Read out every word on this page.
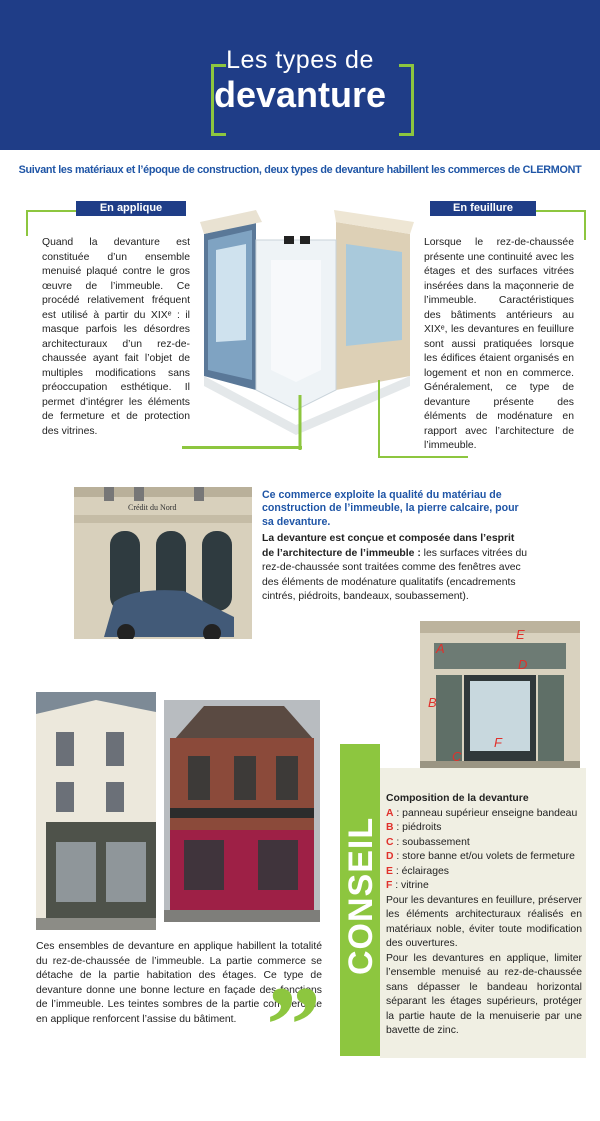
Les types de
devanture
Suivant les matériaux et l’époque de construction, deux types de devanture habillent les commerces de CLERMONT
En applique
Quand la devanture est constituée d’un ensemble menuisé plaqué contre le gros œuvre de l’immeuble. Ce procédé relativement fréquent est utilisé à partir du XIXᵉ : il masque parfois les désordres architecturaux d’un rez-de-chaussée ayant fait l’objet de multiples modifications sans préoccupation esthétique. Il permet d’intégrer les éléments de fermeture et de protection des vitrines.
En feuillure
Lorsque le rez-de-chaussée présente une continuité avec les étages et des surfaces vitrées insérées dans la maçonnerie de l’immeuble. Caractéristiques des bâtiments antérieurs au XIXᵉ, les devantures en feuillure sont aussi pratiquées lorsque les édifices étaient organisés en logement et non en commerce. Généralement, ce type de devanture présente des éléments de modénature en rapport avec l’architecture de l’immeuble.
Crédit du Nord
Ce commerce exploite la qualité du matériau de construction de l’immeuble, la pierre calcaire, pour sa devanture.
La devanture est conçue et composée dans l’esprit de l’architecture de l’immeuble : les surfaces vitrées du rez-de-chaussée sont traitées comme des fenêtres avec des éléments de modénature qualitatifs (encadrements cintrés, piédroits, bandeaux, soubassement).
A
E
D
B
F
C
Ces ensembles de devanture en applique habillent la totalité du rez-de-chaussée de l’immeuble. La partie commerce se détache de la partie habitation des étages. Ce type de devanture donne une bonne lecture en façade des fonctions de l’immeuble. Les teintes sombres de la partie commerciale en applique renforcent l’assise du bâtiment. ”
CONSEIL

Composition de la devanture

A : panneau supérieur enseigne bandeau

B : piédroits

C : soubassement

D : store banne et/ou volets de fermeture

E : éclairages

F : vitrine

Pour les devantures en feuillure, préserver les éléments architecturaux réalisés en matériaux noble, éviter toute modification des ouvertures.

Pour les devantures en applique, limiter l’ensemble menuisé au rez-de-chaussée sans dépasser le bandeau horizontal séparant les étages supérieurs, protéger la partie haute de la menuiserie par une bavette de zinc.
